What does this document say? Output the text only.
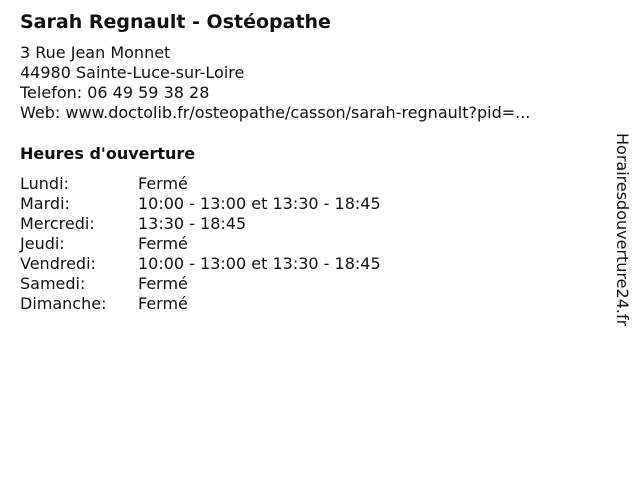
Sarah Regnault - Ostéopathe
3 Rue Jean Monnet
44980 Sainte-Luce-sur-Loire
Telefon: 06 49 59 38 28
Web: www.doctolib.fr/osteopathe/casson/sarah-regnault?pid=...
Heures d'ouverture
Lundi:	Fermé
Mardi:	10:00 - 13:00 et 13:30 - 18:45
Mercredi:	13:30 - 18:45
Jeudi:	Fermé
Vendredi:	10:00 - 13:00 et 13:30 - 18:45
Samedi:	Fermé
Dimanche: Fermé	Horairesdouverture24.fr
